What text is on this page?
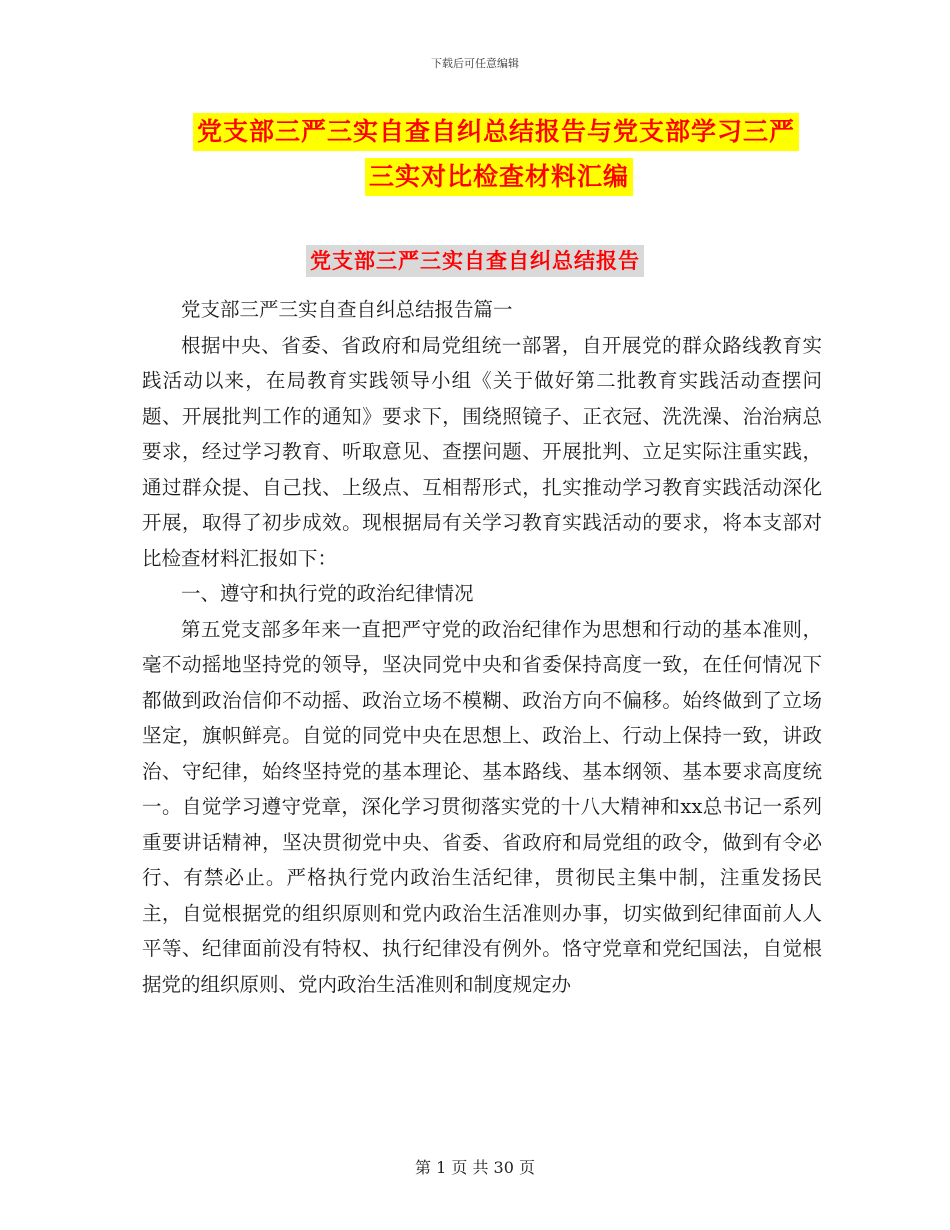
下载后可任意编辑
党支部三严三实自查自纠总结报告与党支部学习三严
三实对比检查材料汇编
党支部三严三实自查自纠总结报告

党支部三严三实自查自纠总结报告篇一

根据中央、省委、省政府和局党组统一部署，自开展党的群众路线教育实践活动以来，在局教育实践领导小组《关于做好第二批教育实践活动查摆问题、开展批判工作的通知》要求下，围绕照镜子、正衣冠、洗洗澡、治治病总要求，经过学习教育、听取意见、查摆问题、开展批判、立足实际注重实践，通过群众提、自己找、上级点、互相帮形式，扎实推动学习教育实践活动深化开展，取得了初步成效。现根据局有关学习教育实践活动的要求，将本支部对比检查材料汇报如下：

一、遵守和执行党的政治纪律情况

第五党支部多年来一直把严守党的政治纪律作为思想和行动的基本准则，毫不动摇地坚持党的领导，坚决同党中央和省委保持高度一致，在任何情况下都做到政治信仰不动摇、政治立场不模糊、政治方向不偏移。始终做到了立场坚定，旗帜鲜亮。自觉的同党中央在思想上、政治上、行动上保持一致，讲政治、守纪律，始终坚持党的基本理论、基本路线、基本纲领、基本要求高度统一。自觉学习遵守党章，深化学习贯彻落实党的十八大精神和xx总书记一系列重要讲话精神，坚决贯彻党中央、省委、省政府和局党组的政令，做到有令必行、有禁必止。严格执行党内政治生活纪律，贯彻民主集中制，注重发扬民主，自觉根据党的组织原则和党内政治生活准则办事，切实做到纪律面前人人平等、纪律面前没有特权、执行纪律没有例外。恪守党章和党纪国法，自觉根据党的组织原则、党内政治生活准则和制度规定办

第 1 页 共 30 页
